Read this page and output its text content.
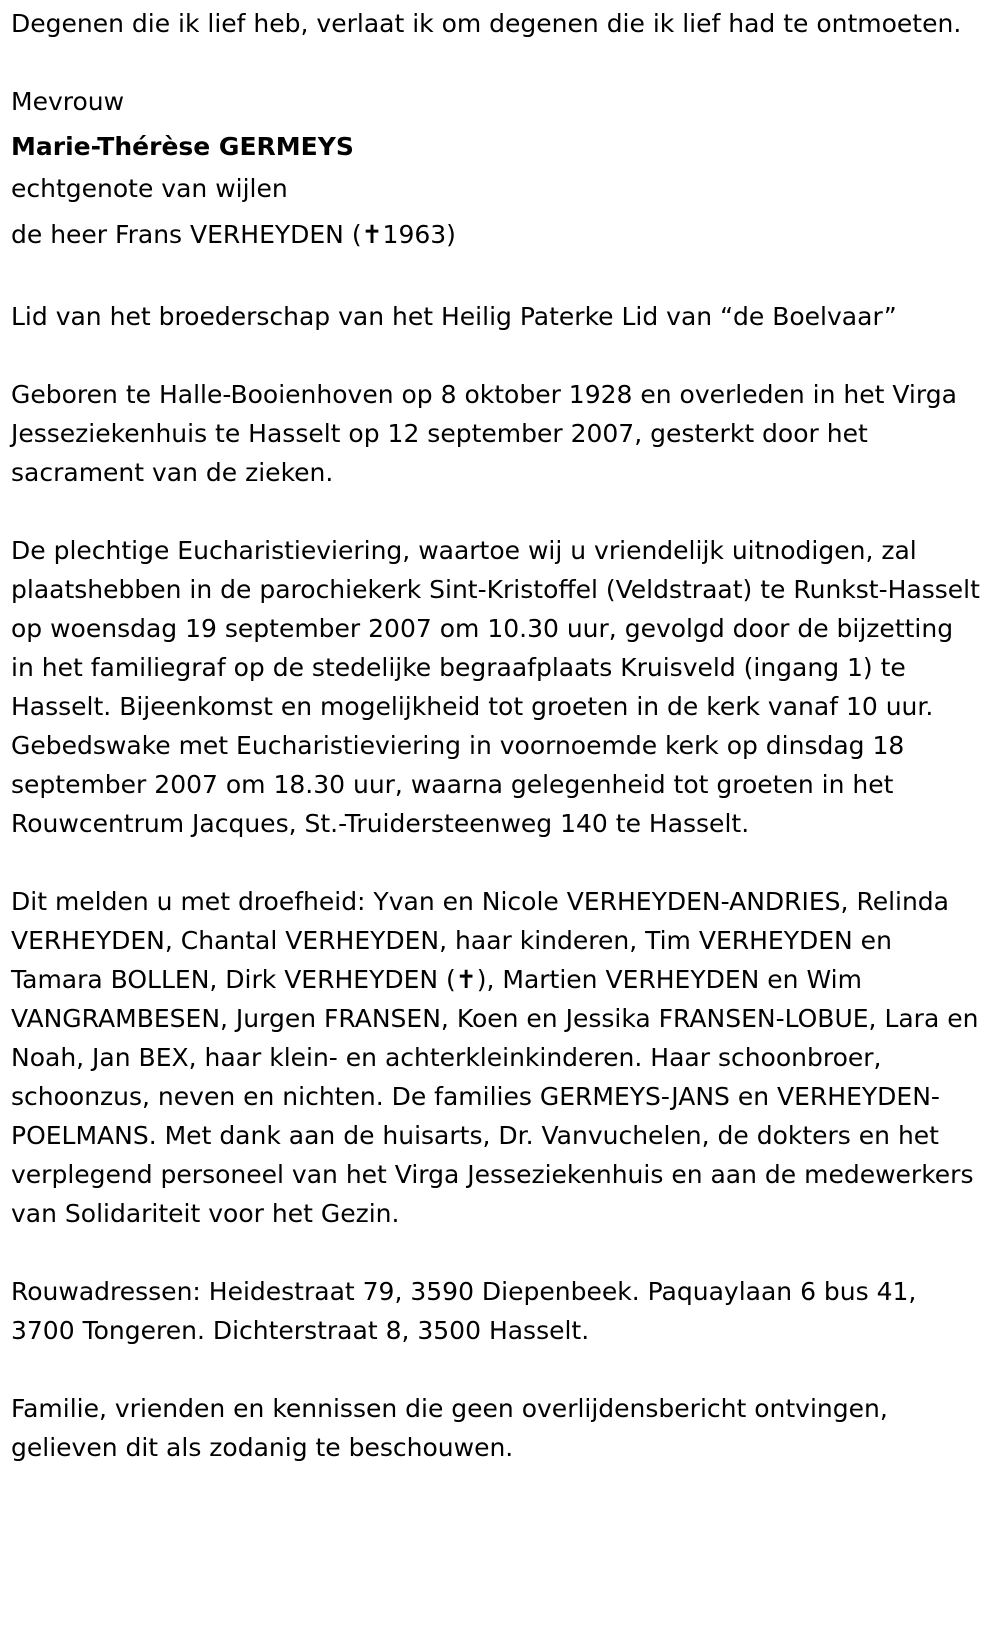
Degenen die ik lief heb, verlaat ik om degenen die ik lief had te ontmoeten.

Mevrouw

Marie-Thérèse GERMEYS

echtgenote van wijlen

de heer Frans VERHEYDEN (✝1963)

Lid van het broederschap van het Heilig Paterke Lid van “de Boelvaar”

Geboren te Halle-Booienhoven op 8 oktober 1928 en overleden in het Virga Jesseziekenhuis te Hasselt op 12 september 2007, gesterkt door het sacrament van de zieken.

De plechtige Eucharistieviering, waartoe wij u vriendelijk uitnodigen, zal plaatshebben in de parochiekerk Sint-Kristoffel (Veldstraat) te Runkst-Hasselt op woensdag 19 september 2007 om 10.30 uur, gevolgd door de bijzetting in het familiegraf op de stedelijke begraafplaats Kruisveld (ingang 1) te Hasselt. Bijeenkomst en mogelijkheid tot groeten in de kerk vanaf 10 uur. Gebedswake met Eucharistieviering in voornoemde kerk op dinsdag 18 september 2007 om 18.30 uur, waarna gelegenheid tot groeten in het Rouwcentrum Jacques, St.-Truidersteenweg 140 te Hasselt.

Dit melden u met droefheid: Yvan en Nicole VERHEYDEN-ANDRIES, Relinda VERHEYDEN, Chantal VERHEYDEN, haar kinderen, Tim VERHEYDEN en Tamara BOLLEN, Dirk VERHEYDEN (✝), Martien VERHEYDEN en Wim VANGRAMBESEN, Jurgen FRANSEN, Koen en Jessika FRANSEN-LOBUE, Lara en Noah, Jan BEX, haar klein- en achterkleinkinderen. Haar schoonbroer, schoonzus, neven en nichten. De families GERMEYS-JANS en VERHEYDEN-POELMANS. Met dank aan de huisarts, Dr. Vanvuchelen, de dokters en het verplegend personeel van het Virga Jesseziekenhuis en aan de medewerkers van Solidariteit voor het Gezin.

Rouwadressen: Heidestraat 79, 3590 Diepenbeek. Paquaylaan 6 bus 41, 3700 Tongeren. Dichterstraat 8, 3500 Hasselt.

Familie, vrienden en kennissen die geen overlijdensbericht ontvingen, gelieven dit als zodanig te beschouwen.
